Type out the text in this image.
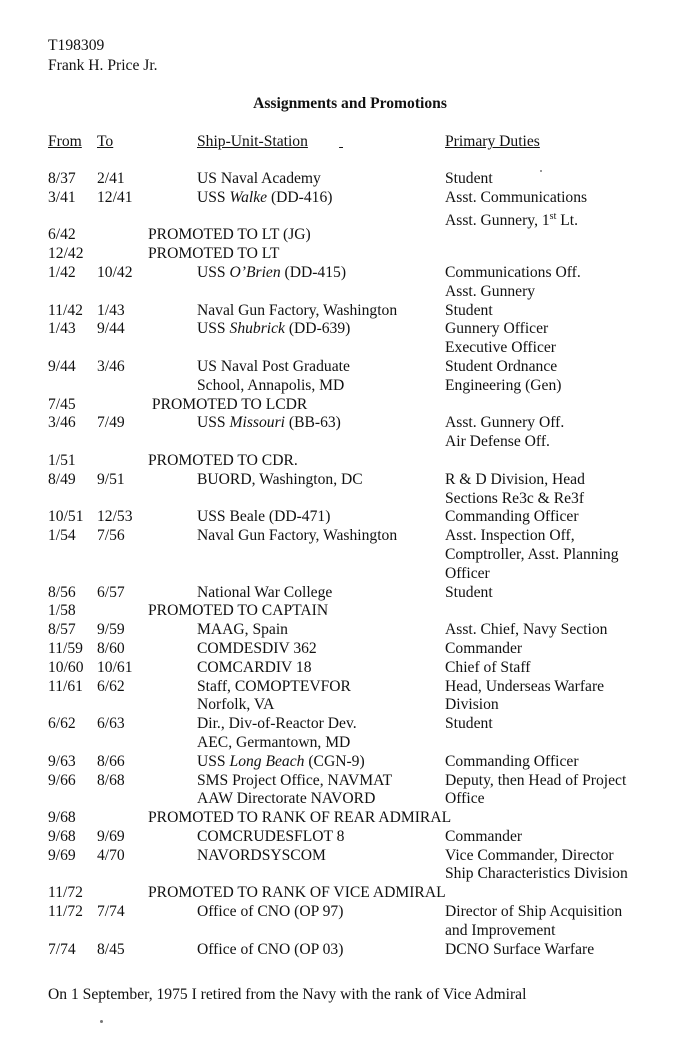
T198309
Frank H. Price Jr.
Assignments and Promotions
From To	Ship-Unit-Station	Primary Duties
8/37 2/41	US Naval Academy	Student
3/41 12/41	USS Walke (DD-416)	Asst. Communications
Asst. Gunnery, 1st Lt.
6/42	PROMOTED TO LT (JG)
12/42	PROMOTED TO LT
1/42 10/42	USS O’Brien (DD-415)	Communications Off.
Asst. Gunnery
11/42 1/43	Naval Gun Factory, Washington	Student
1/43 9/44	USS Shubrick (DD-639)	Gunnery Officer
Executive Officer
9/44 3/46	US Naval Post Graduate	Student Ordnance
School, Annapolis, MD	Engineering (Gen)
7/45	PROMOTED TO LCDR
3/46 7/49	USS Missouri (BB-63)	Asst. Gunnery Off.
Air Defense Off.
1/51	PROMOTED TO CDR.
8/49 9/51	BUORD, Washington, DC	R & D Division, Head
Sections Re3c & Re3f
10/51 12/53	USS Beale (DD-471)	Commanding Officer
1/54 7/56	Naval Gun Factory, Washington	Asst. Inspection Off,
Comptroller, Asst. Planning
Officer
8/56 6/57	National War College	Student
1/58	PROMOTED TO CAPTAIN
8/57 9/59	MAAG, Spain	Asst. Chief, Navy Section
11/59 8/60	COMDESDIV 362	Commander
10/60 10/61	COMCARDIV 18	Chief of Staff
11/61 6/62	Staff, COMOPTEVFOR	Head, Underseas Warfare
Norfolk, VA	Division
6/62 6/63	Dir., Div-of-Reactor Dev.	Student
AEC, Germantown, MD
9/63 8/66	USS Long Beach (CGN-9)	Commanding Officer
9/66 8/68	SMS Project Office, NAVMAT	Deputy, then Head of Project
AAW Directorate NAVORD	Office
9/68	PROMOTED TO RANK OF REAR ADMIRAL
9/68 9/69	COMCRUDESFLOT 8	Commander
9/69 4/70	NAVORDSYSCOM	Vice Commander, Director
Ship Characteristics Division
11/72	PROMOTED TO RANK OF VICE ADMIRAL
11/72 7/74	Office of CNO (OP 97)	Director of Ship Acquisition
and Improvement
7/74 8/45	Office of CNO (OP 03)	DCNO Surface Warfare
On 1 September, 1975 I retired from the Navy with the rank of Vice Admiral
